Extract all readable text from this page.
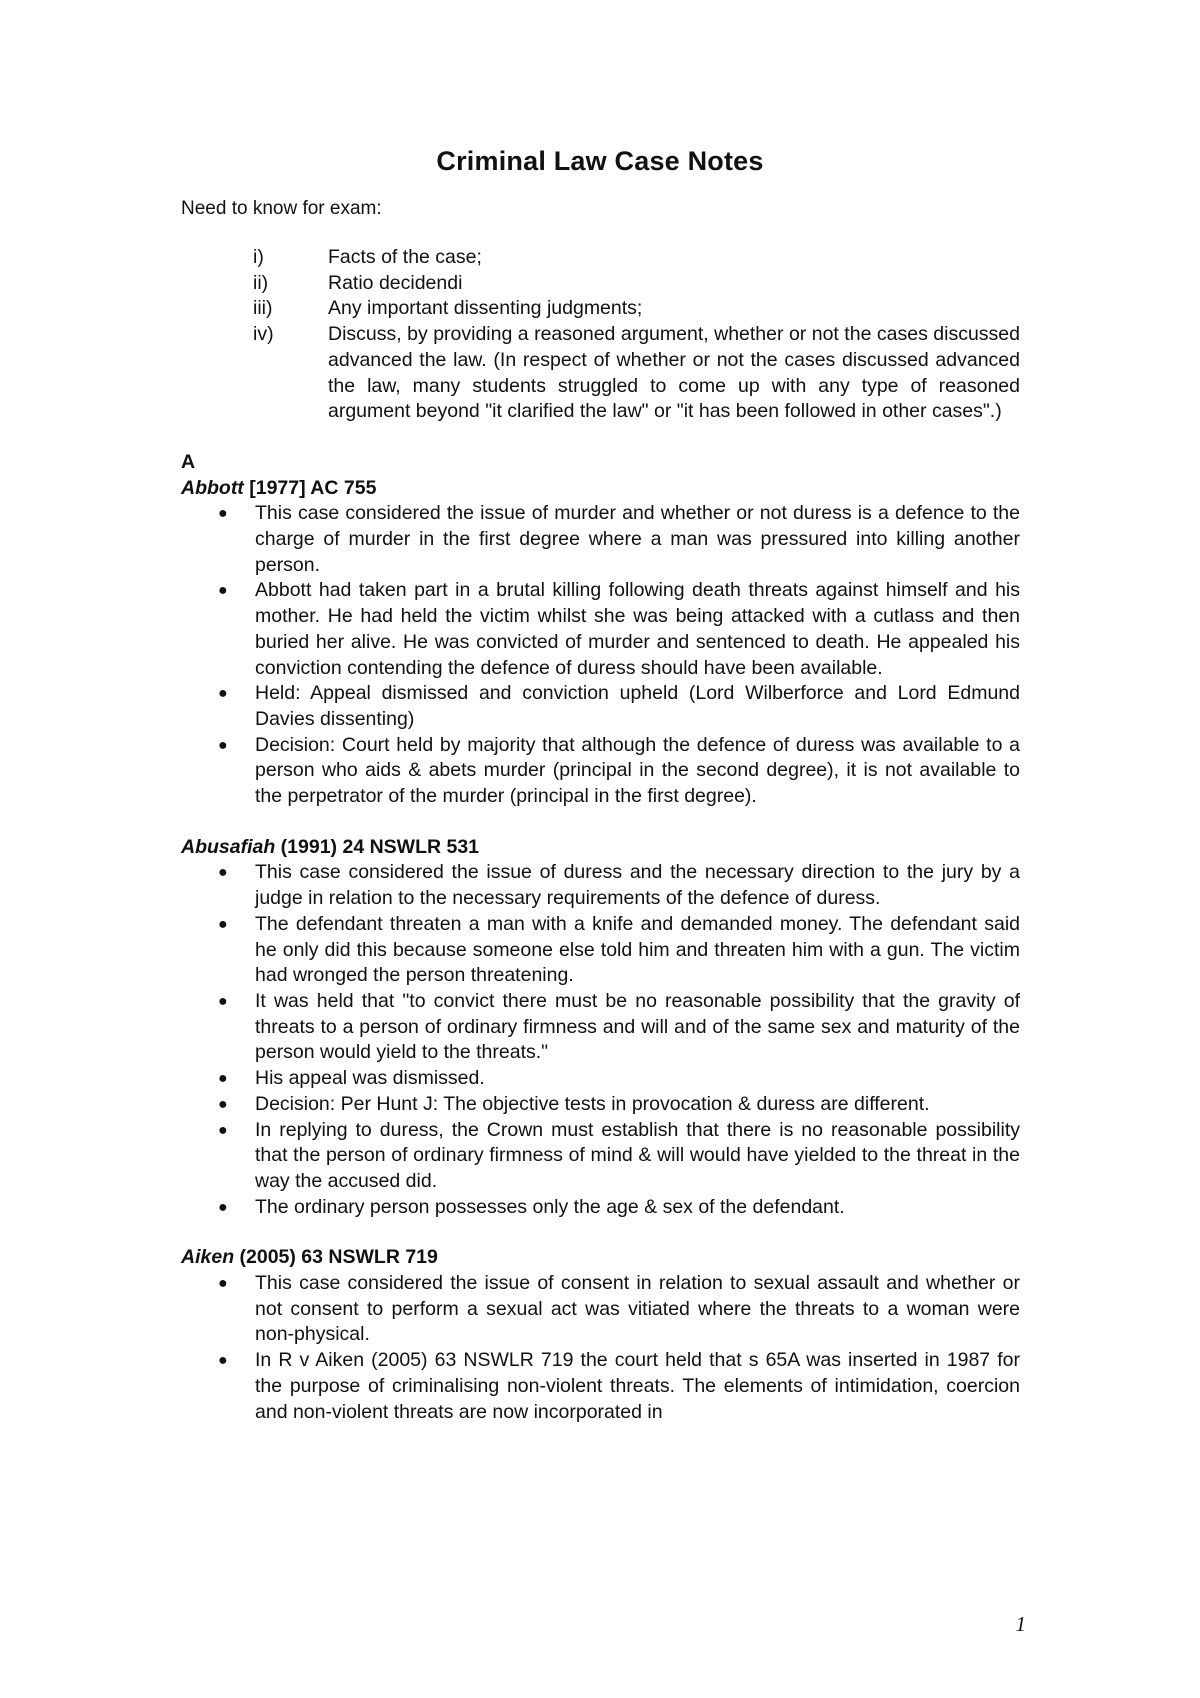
Criminal Law Case Notes
Need to know for exam:
i)	Facts of the case;
ii)	Ratio decidendi
iii)	Any important dissenting judgments;
iv)	Discuss, by providing a reasoned argument, whether or not the cases discussed advanced the law. (In respect of whether or not the cases discussed advanced the law, many students struggled to come up with any type of reasoned argument beyond "it clarified the law" or "it has been followed in other cases".)
A

Abbott [1977] AC 755

●	This case considered the issue of murder and whether or not duress is a defence to the charge of murder in the first degree where a man was pressured into killing another person.
●	Abbott had taken part in a brutal killing following death threats against himself and his mother. He had held the victim whilst she was being attacked with a cutlass and then buried her alive. He was convicted of murder and sentenced to death. He appealed his conviction contending the defence of duress should have been available.
●	Held: Appeal dismissed and conviction upheld (Lord Wilberforce and Lord Edmund Davies dissenting)
●	Decision: Court held by majority that although the defence of duress was available to a person who aids & abets murder (principal in the second degree), it is not available to the perpetrator of the murder (principal in the first degree).

Abusafiah (1991) 24 NSWLR 531

●	This case considered the issue of duress and the necessary direction to the jury by a judge in relation to the necessary requirements of the defence of duress.
●	The defendant threaten a man with a knife and demanded money. The defendant said he only did this because someone else told him and threaten him with a gun. The victim had wronged the person threatening.
●	It was held that "to convict there must be no reasonable possibility that the gravity of threats to a person of ordinary firmness and will and of the same sex and maturity of the person would yield to the threats."
●	His appeal was dismissed.
●	Decision: Per Hunt J: The objective tests in provocation & duress are different.
●	In replying to duress, the Crown must establish that there is no reasonable possibility that the person of ordinary firmness of mind & will would have yielded to the threat in the way the accused did.
●	The ordinary person possesses only the age & sex of the defendant.

Aiken (2005) 63 NSWLR 719

●	This case considered the issue of consent in relation to sexual assault and whether or not consent to perform a sexual act was vitiated where the threats to a woman were non-physical.
●	In R v Aiken (2005) 63 NSWLR 719 the court held that s 65A was inserted in 1987 for the purpose of criminalising non-violent threats. The elements of intimidation, coercion and non-violent threats are now incorporated in
1
